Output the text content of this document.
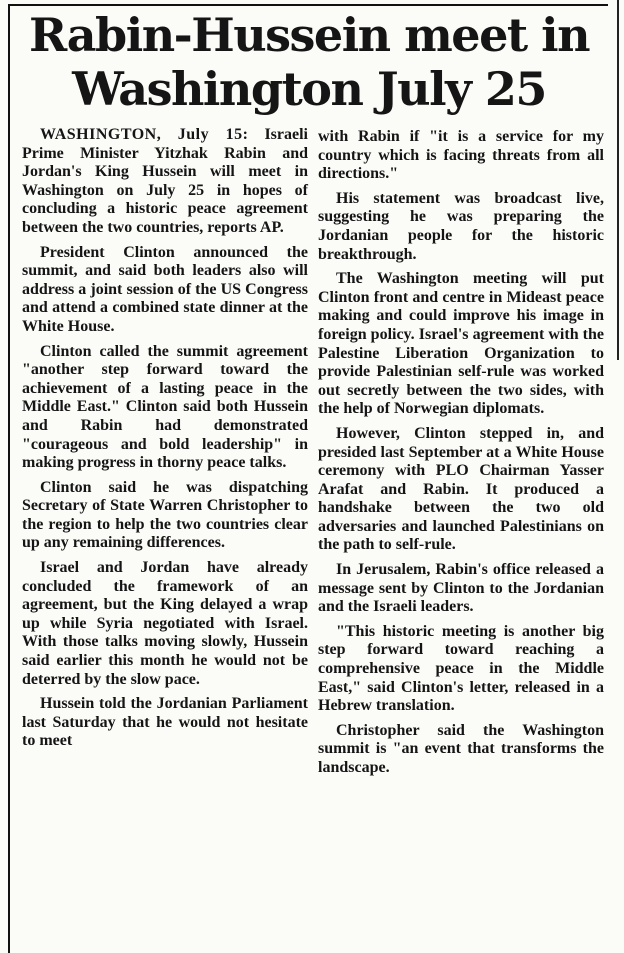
Rabin-Hussein meet in
Washington July 25

WASHINGTON, July 15: Israeli Prime Minister Yitzhak Rabin and Jordan's King Hussein will meet in Washington on July 25 in hopes of concluding a historic peace agreement between the two countries, reports AP.

President Clinton announced the summit, and said both leaders also will address a joint session of the US Congress and attend a combined state dinner at the White House.

Clinton called the summit agreement "another step forward toward the achievement of a lasting peace in the Middle East." Clinton said both Hussein and Rabin had demonstrated "courageous and bold leadership" in making progress in thorny peace talks.

Clinton said he was dispatching Secretary of State Warren Christopher to the region to help the two countries clear up any remaining differences.

Israel and Jordan have already concluded the framework of an agreement, but the King delayed a wrap up while Syria negotiated with Israel. With those talks moving slowly, Hussein said earlier this month he would not be deterred by the slow pace.

Hussein told the Jordanian Parliament last Saturday that he would not hesitate to meet

with Rabin if "it is a service for my country which is facing threats from all directions."

His statement was broadcast live, suggesting he was preparing the Jordanian people for the historic breakthrough.

The Washington meeting will put Clinton front and centre in Mideast peace making and could improve his image in foreign policy. Israel's agreement with the Palestine Liberation Organization to provide Palestinian self-rule was worked out secretly between the two sides, with the help of Norwegian diplomats.

However, Clinton stepped in, and presided last September at a White House ceremony with PLO Chairman Yasser Arafat and Rabin. It produced a handshake between the two old adversaries and launched Palestinians on the path to self-rule.

In Jerusalem, Rabin's office released a message sent by Clinton to the Jordanian and the Israeli leaders.

"This historic meeting is another big step forward toward reaching a comprehensive peace in the Middle East," said Clinton's letter, released in a Hebrew translation.

Christopher said the Washington summit is "an event that transforms the landscape.
